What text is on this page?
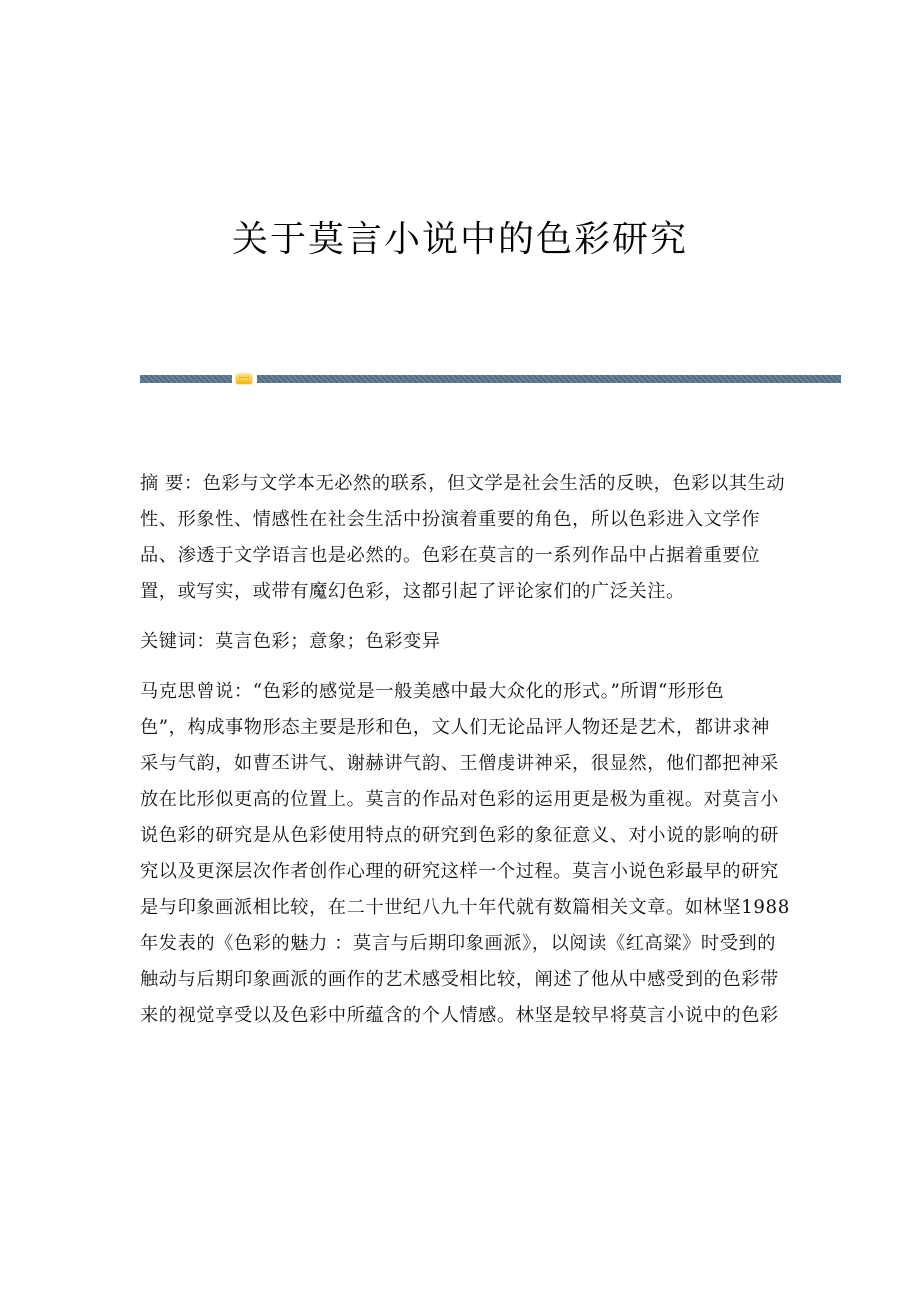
关于莫言小说中的色彩研究
摘 要：色彩与文学本无必然的联系，但文学是社会生活的反映，色彩以其生动
性、形象性、情感性在社会生活中扮演着重要的角色，所以色彩进入文学作
品、渗透于文学语言也是必然的。色彩在莫言的一系列作品中占据着重要位
置，或写实，或带有魔幻色彩，这都引起了评论家们的广泛关注。
关键词：莫言色彩；意象；色彩变异
马克思曾说：“色彩的感觉是一般美感中最大众化的形式。”所谓“形形色
色”，构成事物形态主要是形和色，文人们无论品评人物还是艺术，都讲求神
采与气韵，如曹丕讲气、谢赫讲气韵、王僧虔讲神采，很显然，他们都把神采
放在比形似更高的位置上。莫言的作品对色彩的运用更是极为重视。对莫言小
说色彩的研究是从色彩使用特点的研究到色彩的象征意义、对小说的影响的研
究以及更深层次作者创作心理的研究这样一个过程。莫言小说色彩最早的研究
是与印象画派相比较，在二十世纪八九十年代就有数篇相关文章。如林坚1988
年发表的《色彩的魅力 ：莫言与后期印象画派》，以阅读《红高粱》时受到的
触动与后期印象画派的画作的艺术感受相比较，阐述了他从中感受到的色彩带
来的视觉享受以及色彩中所蕴含的个人情感。林坚是较早将莫言小说中的色彩
